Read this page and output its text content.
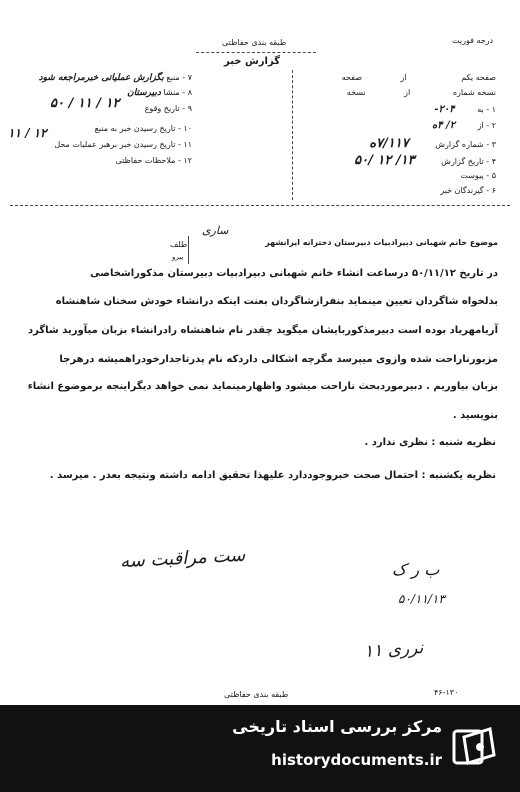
طبقه بندی حفاظتی
گزارش خبر
درجه فوریت
صفحه یکم از صفحه
نسخه شماره از نسخه
۱ - به ۲۰۴-
۲ - از ۲/ ۴ه
۳ - شماره گزارش ۷/۱۱۷ه
۴ - تاریخ گزارش ۱۳/ ۱۲ /۵۰
۵ - پیوست
۶ - گیرندگان خبر
۷ - منبع بگزارش عملیاتی خبرمراجعه شود
۸ - منشا دبیرستان
۹ - تاریخ وقوع
۵۰ / ۱۱ / ۱۲
۱۰ - تاریخ رسیدن خبر به منبع
۱۱ - تاریخ رسیدن خبر برهبر عملیات محل
۱۱ / ۱۲
۱۲ - ملاحظات حفاظتی
طلف
پیرو
موضوع خانم شهبانی دبیرادبیات دبیرستان دخترانه ایرانشهر
ساری
در تاریخ ۵۰/۱۱/۱۲ درساعت انشاء خانم شهبانی دبیرادبیات دبیرستان مذکوراشخاصی
بدلخواه شاگردان تعیین مینماید بنفرازشاگردان بعنت اینکه درانشاء خودش سخنان شاهنشاه
آریامهریاد بوده است دبیرمذکوربایشان میگوید چقدر نام شاهنشاه رادرانشاء بزبان میآورید شاگرد
مزبورناراحت شده وازوی میپرسد مگرچه اشکالی داردکه نام پدرتاجدارخودراهمیشه درهرجا
بزبان بیاوریم . دبیرموردبحث ناراحت میشود واظهارمینماید نمی خواهد دیگراینجه برموضوع انشاء
بنویسید .
نظریه شنبه : نظری ندارد .
نظریه یکشنبه : احتمال صحت خبروجوددارد علیهذا تحقیق ادامه داشته ونتیجه بعدر . میرسد .
ست مراقبت سه	ب ر ک
۵۰/۱۱/۱۳
نرری ۱۱
طبقه بندی حفاظتی	۴۶-۱۳۰
مرکز بررسی اسناد تاریخی
historydocuments.ir
